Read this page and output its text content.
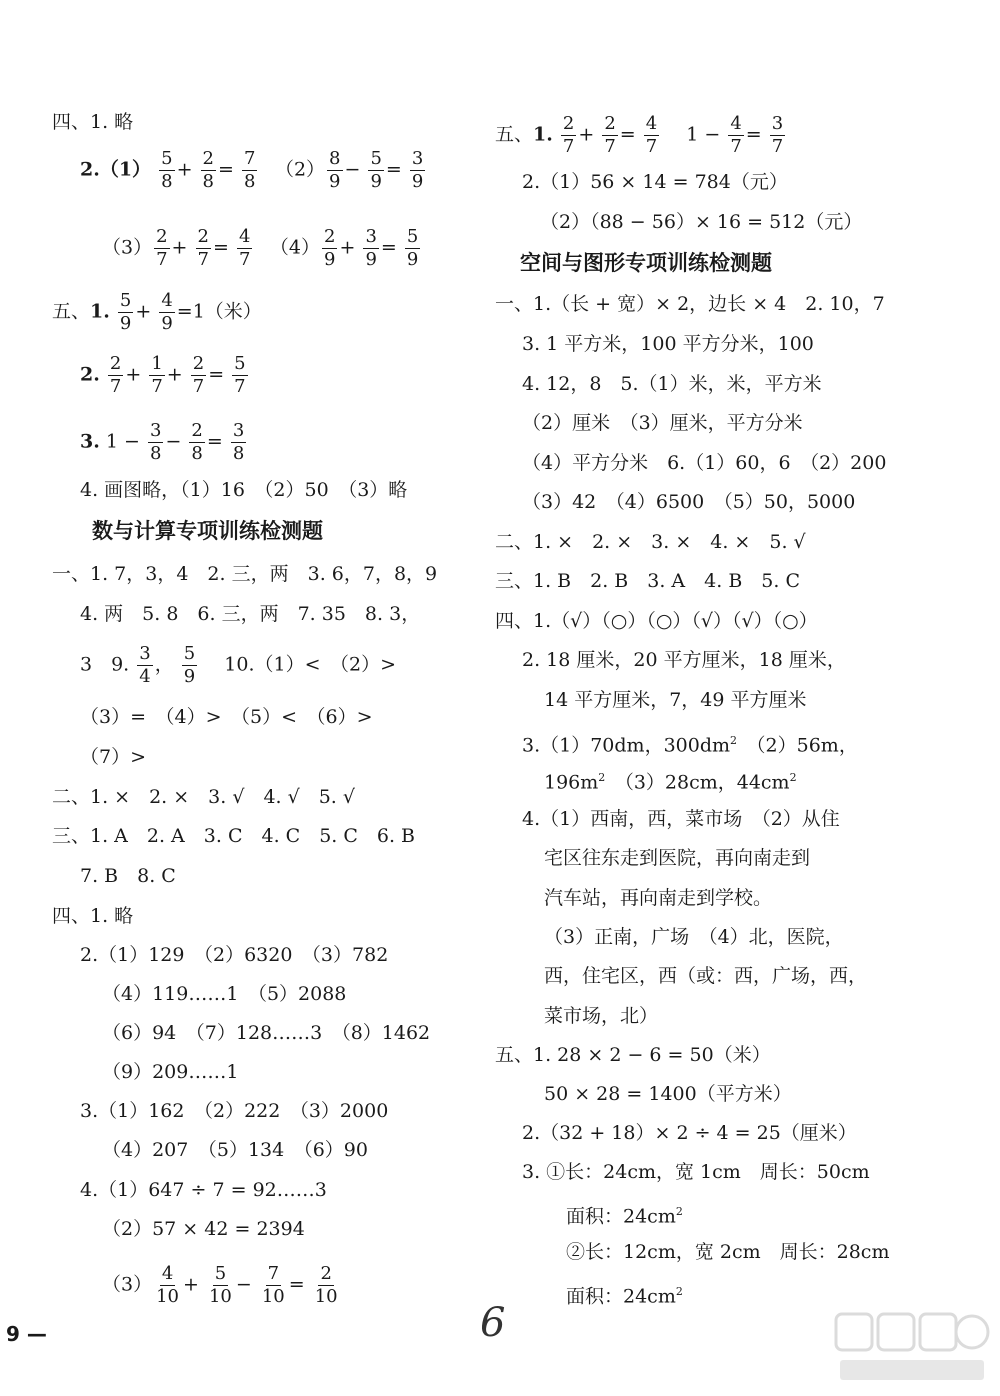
四、1. 略
$2.(1) \frac{5}{8} + \frac{2}{8} = \frac{7}{8}$ 　$(2) \frac{8}{9} - \frac{5}{9} = \frac{3}{9}$
$(3) \frac{2}{7} + \frac{2}{7} = \frac{4}{7}$ 　$(4) \frac{2}{9} + \frac{3}{9} = \frac{5}{9}$
五、1. $\frac{5}{9} + \frac{4}{9} =1$（米）
2. $\frac{2}{7} + \frac{1}{7} + \frac{2}{7} = \frac{5}{7}$
3. $1 - \frac{3}{8} - \frac{2}{8} = \frac{3}{8}$
4. 画图略，（1）16　（2）50　（3）略
数与计算专项训练检测题
一、1. 7，3，4　2. 三，两　3. 6，7，8，9
4. 两　5. 8　6. 三，两　7. 35　8. 3，
3　9. $\frac{3}{4}$ ， $\frac{5}{9}$
　 10.（1）<　（2）>
（3）=　（4）>　（5）<　（6）>
（7）>
二、1. ×　2. ×　3. √　4. √　5. √
三、1. A　2. A　3. C　4. C　5. C　6. B
7. B　8. C
四、1. 略
2.（1）129　（2）6320　（3）782
（4）119……1　（5）2088
（6）94　（7）128……3　（8）1462
（9）209……1
3.（1）162　（2）222　（3）2000
（4）207　（5）134　（6）90
4.（1）647 ÷ 7 = 92……3
（2）57 × 42 = 2394
$(3) \frac{4}{10} + \frac{5}{10} - \frac{7}{10} = \frac{2}{10}$
五、1. $\frac{2}{7} + \frac{2}{7} = \frac{4}{7}$ 　$1 - \frac{4}{7} = \frac{3}{7}$
2.（1）56 × 14 = 784（元）
（2）（88 − 56）× 16 = 512（元）
空间与图形专项训练检测题
一、1.（长 + 宽）× 2，边长 × 4　2. 10，7
3. 1 平方米，100 平方分米，100
4. 12，8　5.（1）米，米，平方米
（2）厘米　（3）厘米，平方分米
（4）平方分米　6.（1）60，6　（2）200
（3）42　（4）6500　（5）50，5000
二、1. ×　2. ×　3. ×　4. ×　5. √
三、1. B　2. B　3. A　4. B　5. C
四、1.（√）（○）（○）（√）（√）（○）
2. 18 厘米，20 平方厘米，18 厘米，
14 平方厘米，7，49 平方厘米
3.（1）70dm，$300dm^2$　 （2）56m，
$196m^2$　 （3）28cm，$44cm^2$
4.（1）西南，西，菜市场　（2）从住
宅区往东走到医院，再向南走到
汽车站，再向南走到学校。
（3）正南，广场　（4）北，医院，
西，住宅区，西（或：西，广场，西，
菜市场，北）
五、1. 28 × 2 − 6 = 50（米）
50 × 28 = 1400（平方米）
2.（32 + 18）× 2 ÷ 4 = 25（厘米）
3. ①长：24cm，宽 1cm　周长：50cm
面积：$24cm^2$
②长：12cm，宽 2cm　周长：28cm
面积：$24cm^2$
9 —	6
